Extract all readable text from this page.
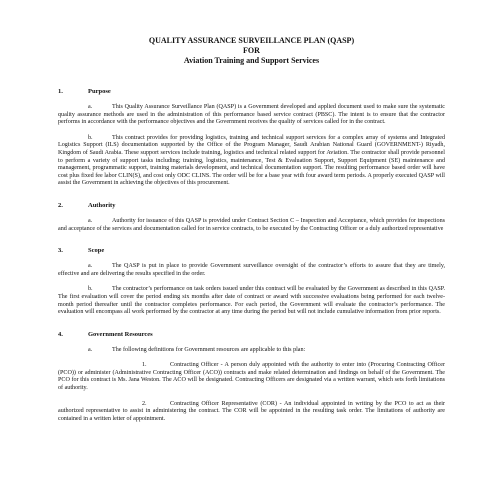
QUALITY ASSURANCE SURVEILLANCE PLAN (QASP)
FOR
Aviation Training and Support Services
1.	Purpose
a.	This Quality Assurance Surveillance Plan (QASP) is a Government developed and applied document used to make sure the systematic quality assurance methods are used in the administration of this performance based service contract (PBSC). The intent is to ensure that the contractor performs in accordance with the performance objectives and the Government receives the quality of services called for in the contract.
b.	This contract provides for providing logistics, training and technical support services for a complex array of systems and Integrated Logistics Support (ILS) documentation supported by the Office of the Program Manager, Saudi Arabian National Guard (GOVERNMENT-) Riyadh, Kingdom of Saudi Arabia. These support services include training, logistics and technical related support for Aviation. The contractor shall provide personnel to perform a variety of support tasks including; training, logistics, maintenance, Test & Evaluation Support, Support Equipment (SE) maintenance and management, programmatic support, training materials development, and technical documentation support. The resulting performance based order will have cost plus fixed fee labor CLIN(S), and cost only ODC CLINS. The order will be for a base year with four award term periods. A properly executed QASP will assist the Government in achieving the objectives of this procurement.
2.	Authority
a.	Authority for issuance of this QASP is provided under Contract Section C – Inspection and Acceptance, which provides for inspections and acceptance of the services and documentation called for in service contracts, to be executed by the Contracting Officer or a duly authorized representative
3.	Scope
a.	The QASP is put in place to provide Government surveillance oversight of the contractor’s efforts to assure that they are timely, effective and are delivering the results specified in the order.
b.	The contractor’s performance on task orders issued under this contract will be evaluated by the Government as described in this QASP. The first evaluation will cover the period ending six months after date of contract or award with successive evaluations being performed for each twelve-month period thereafter until the contractor completes performance. For each period, the Government will evaluate the contractor’s performance. The evaluation will encompass all work performed by the contractor at any time during the period but will not include cumulative information from prior reports.
4.	Government Resources
a.	The following definitions for Government resources are applicable to this plan:
1.	Contracting Officer - A person duly appointed with the authority to enter into (Procuring Contracting Officer (PCO)) or administer (Administrative Contracting Officer (ACO)) contracts and make related determination and findings on behalf of the Government. The PCO for this contract is Ms. Jana Weston. The ACO will be designated. Contracting Officers are designated via a written warrant, which sets forth limitations of authority.
2.	Contracting Officer Representative (COR) - An individual appointed in writing by the PCO to act as their authorized representative to assist in administering the contract. The COR will be appointed in the resulting task order. The limitations of authority are contained in a written letter of appointment.
